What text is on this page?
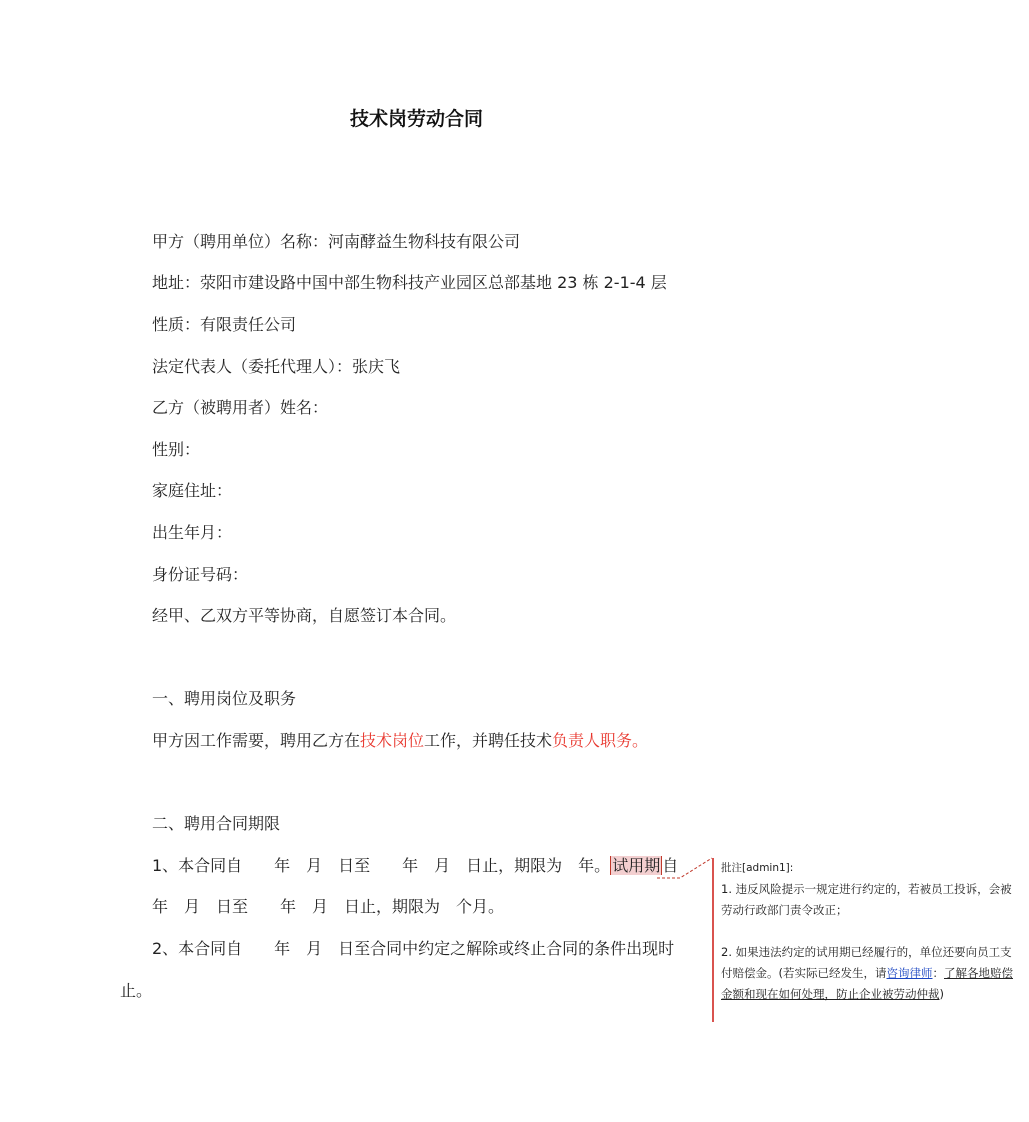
技术岗劳动合同

甲方（聘用单位）名称：河南酵益生物科技有限公司

地址：荥阳市建设路中国中部生物科技产业园区总部基地 23 栋 2-1-4 层

性质：有限责任公司

法定代表人（委托代理人）：张庆飞

乙方（被聘用者）姓名：

性别：

家庭住址：

出生年月：

身份证号码：

经甲、乙双方平等协商，自愿签订本合同。

一、聘用岗位及职务

甲方因工作需要，聘用乙方在技术岗位工作，并聘任技术负责人职务。

二、聘用合同期限

1、本合同自　　年　月　日至　　年　月　日止，期限为　年。 试用期 自

年　月　日至　　年　月　日止，期限为　个月。

2、本合同自　　年　月　日至合同中约定之解除或终止合同的条件出现时

止。

批注[admin1]:

1. 违反风险提示一规定进行约定的，若被员工投诉，会被

劳动行政部门责令改正；

2. 如果违法约定的试用期已经履行的，单位还要向员工支

付赔偿金。(若实际已经发生，请咨询律师：了解各地赔偿

金额和现在如何处理，防止企业被劳动仲裁)
